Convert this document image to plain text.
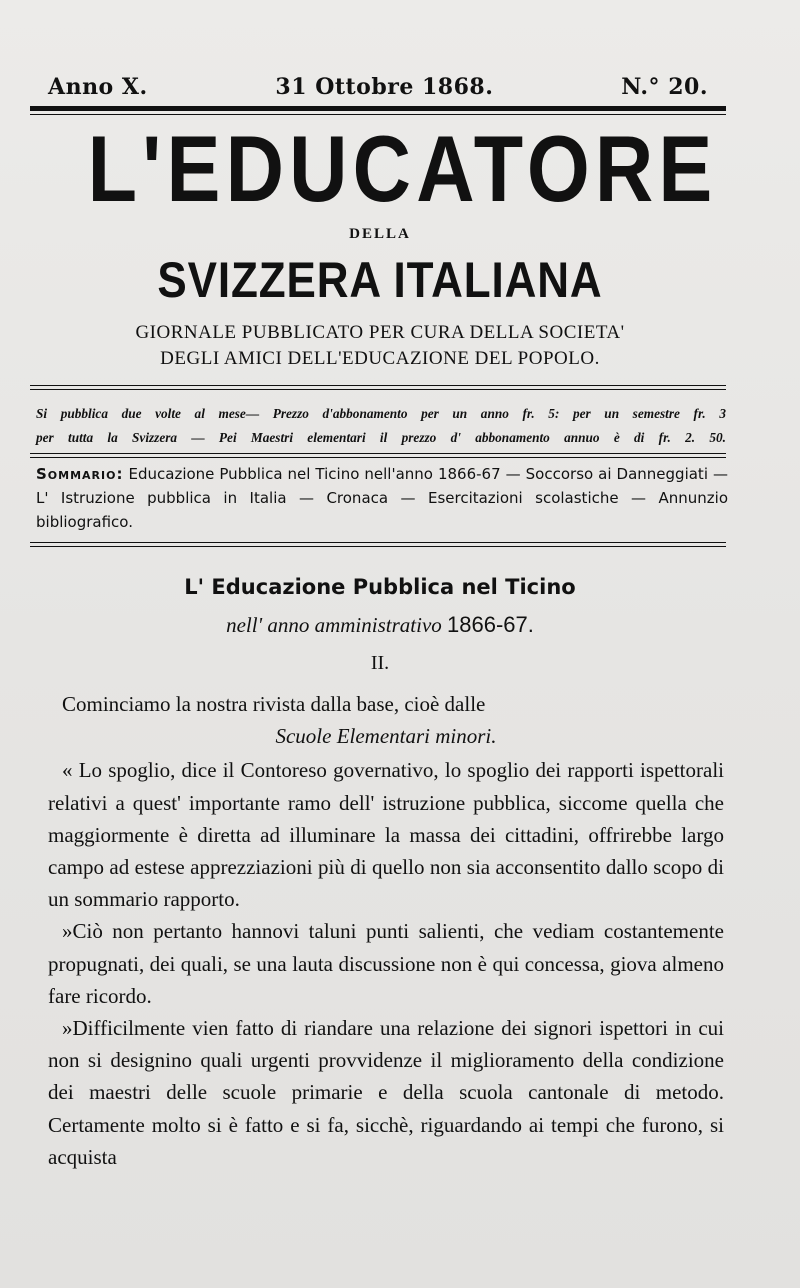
Anno X.	31 Ottobre 1868.	N.° 20.
L'EDUCATORE
DELLA
SVIZZERA ITALIANA
GIORNALE PUBBLICATO PER CURA DELLA SOCIETA'
DEGLI AMICI DELL'EDUCAZIONE DEL POPOLO.
Si pubblica due volte al mese— Prezzo d'abbonamento per un anno fr. 5: per un semestre fr. 3
per tutta la Svizzera — Pei Maestri elementari il prezzo d' abbonamento annuo è di fr. 2. 50.
Sommario: Educazione Pubblica nel Ticino nell'anno 1866-67 — Soccorso ai Danneggiati — L' Istruzione pubblica in Italia — Cronaca — Esercitazioni scolastiche — Annunzio bibliografico.
L' Educazione Pubblica nel Ticino
nell' anno amministrativo 1866-67.
II.

Cominciamo la nostra rivista dalla base, cioè dalle

Scuole Elementari minori.

« Lo spoglio, dice il Contoreso governativo, lo spoglio dei rapporti ispettorali relativi a quest' importante ramo dell' istruzione pubblica, siccome quella che maggiormente è diretta ad illuminare la massa dei cittadini, offrirebbe largo campo ad estese apprezziazioni più di quello non sia acconsentito dallo scopo di un sommario rapporto.

»Ciò non pertanto hannovi taluni punti salienti, che vediam costantemente propugnati, dei quali, se una lauta discussione non è qui concessa, giova almeno fare ricordo.

»Difficilmente vien fatto di riandare una relazione dei signori ispettori in cui non si designino quali urgenti provvidenze il miglioramento della condizione dei maestri delle scuole primarie e della scuola cantonale di metodo. Certamente molto si è fatto e si fa, sicchè, riguardando ai tempi che furono, si acquista
